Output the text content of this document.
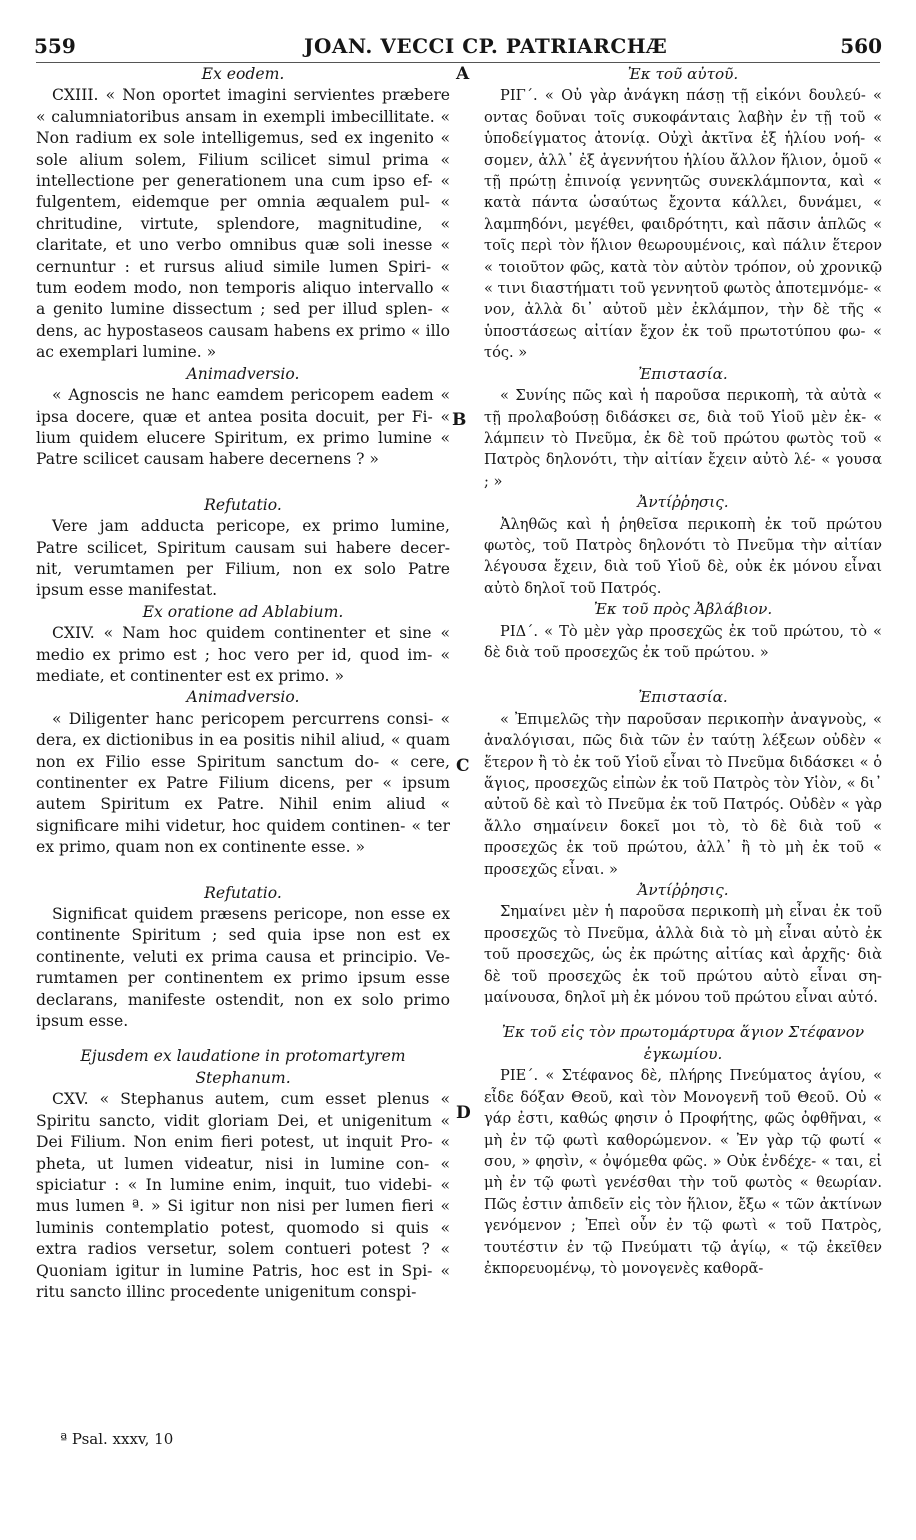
559	JOAN. VECCI CP. PATRIARCHÆ	560
A
B
C
D

Ex eodem.

CXIII. « Non oportet imagini servientes præbere « calumniatoribus ansam in exempli imbecillitate. « Non radium ex sole intelligemus, sed ex ingenito « sole alium solem, Filium scilicet simul prima « intellectione per generationem una cum ipso ef- « fulgentem, eidemque per omnia æqualem pul- « chritudine, virtute, splendore, magnitudine, « claritate, et uno verbo omnibus quæ soli inesse « cernuntur : et rursus aliud simile lumen Spiri- « tum eodem modo, non temporis aliquo intervallo « a genito lumine dissectum ; sed per illud splen- « dens, ac hypostaseos causam habens ex primo « illo ac exemplari lumine. »

Animadversio.

« Agnoscis ne hanc eamdem pericopem eadem « ipsa docere, quæ et antea posita docuit, per Fi- « lium quidem elucere Spiritum, ex primo lumine « Patre scilicet causam habere decernens ? »

Refutatio.

Vere jam adducta pericope, ex primo lumine, Patre scilicet, Spiritum causam sui habere decer- nit, verumtamen per Filium, non ex solo Patre ipsum esse manifestat.

Ex oratione ad Ablabium.

CXIV. « Nam hoc quidem continenter et sine « medio ex primo est ; hoc vero per id, quod im- « mediate, et continenter est ex primo. »

Animadversio.

« Diligenter hanc pericopem percurrens consi- « dera, ex dictionibus in ea positis nihil aliud, « quam non ex Filio esse Spiritum sanctum do- « cere, continenter ex Patre Filium dicens, per « ipsum autem Spiritum ex Patre. Nihil enim aliud « significare mihi videtur, hoc quidem continen- « ter ex primo, quam non ex continente esse. »

Refutatio.

Significat quidem præsens pericope, non esse ex continente Spiritum ; sed quia ipse non est ex continente, veluti ex prima causa et principio. Ve- rumtamen per continentem ex primo ipsum esse declarans, manifeste ostendit, non ex solo primo ipsum esse.

Ejusdem ex laudatione in protomartyrem Stephanum.

CXV. « Stephanus autem, cum esset plenus « Spiritu sancto, vidit gloriam Dei, et unigenitum « Dei Filium. Non enim fieri potest, ut inquit Pro- « pheta, ut lumen videatur, nisi in lumine con- « spiciatur : « In lumine enim, inquit, tuo videbi- « mus lumen ª. » Si igitur non nisi per lumen fieri « luminis contemplatio potest, quomodo si quis « extra radios versetur, solem contueri potest ? « Quoniam igitur in lumine Patris, hoc est in Spi- « ritu sancto illinc procedente unigenitum conspi-

Ἐκ τοῦ αὐτοῦ.

ΡΙΓ΄. « Οὐ γὰρ ἀνάγκη πάσῃ τῇ εἰκόνι δουλεύ- « οντας δοῦναι τοῖς συκοφάνταις λαβὴν ἐν τῇ τοῦ « ὑποδείγματος ἀτονίᾳ. Οὐχὶ ἀκτῖνα ἐξ ἡλίου νοή- « σομεν, ἀλλ᾽ ἐξ ἀγεννήτου ἡλίου ἄλλον ἥλιον, ὁμοῦ « τῇ πρώτῃ ἐπινοίᾳ γεννητῶς συνεκλάμποντα, καὶ « κατὰ πάντα ὡσαύτως ἔχοντα κάλλει, δυνάμει, « λαμπηδόνι, μεγέθει, φαιδρότητι, καὶ πᾶσιν ἁπλῶς « τοῖς περὶ τὸν ἥλιον θεωρουμένοις, καὶ πάλιν ἕτερον « τοιοῦτον φῶς, κατὰ τὸν αὐτὸν τρόπον, οὐ χρονικῷ « τινι διαστήματι τοῦ γεννητοῦ φωτὸς ἀποτεμνόμε- « νον, ἀλλὰ δι᾽ αὐτοῦ μὲν ἐκλάμπον, τὴν δὲ τῆς « ὑποστάσεως αἰτίαν ἔχον ἐκ τοῦ πρωτοτύπου φω- « τός. »

Ἐπιστασία.

« Συνίης πῶς καὶ ἡ παροῦσα περικοπὴ, τὰ αὐτὰ « τῇ προλαβούσῃ διδάσκει σε, διὰ τοῦ Υἱοῦ μὲν ἐκ- « λάμπειν τὸ Πνεῦμα, ἐκ δὲ τοῦ πρώτου φωτὸς τοῦ « Πατρὸς δηλονότι, τὴν αἰτίαν ἔχειν αὐτὸ λέ- « γουσα ; »

Ἀντίῤῥησις.

Ἀληθῶς καὶ ἡ ῥηθεῖσα περικοπὴ ἐκ τοῦ πρώτου φωτὸς, τοῦ Πατρὸς δηλονότι τὸ Πνεῦμα τὴν αἰτίαν λέγουσα ἔχειν, διὰ τοῦ Υἱοῦ δὲ, οὐκ ἐκ μόνου εἶναι αὐτὸ δηλοῖ τοῦ Πατρός.

Ἐκ τοῦ πρὸς Ἀβλάβιον.

ΡΙΔ΄. « Τὸ μὲν γὰρ προσεχῶς ἐκ τοῦ πρώτου, τὸ « δὲ διὰ τοῦ προσεχῶς ἐκ τοῦ πρώτου. »

Ἐπιστασία.

« Ἐπιμελῶς τὴν παροῦσαν περικοπὴν ἀναγνοὺς, « ἀναλόγισαι, πῶς διὰ τῶν ἐν ταύτῃ λέξεων οὐδὲν « ἕτερον ἢ τὸ ἐκ τοῦ Υἱοῦ εἶναι τὸ Πνεῦμα διδάσκει « ὁ ἅγιος, προσεχῶς εἰπὼν ἐκ τοῦ Πατρὸς τὸν Υἱὸν, « δι᾽ αὐτοῦ δὲ καὶ τὸ Πνεῦμα ἐκ τοῦ Πατρός. Οὐδὲν « γὰρ ἄλλο σημαίνειν δοκεῖ μοι τὸ, τὸ δὲ διὰ τοῦ « προσεχῶς ἐκ τοῦ πρώτου, ἀλλ᾽ ἢ τὸ μὴ ἐκ τοῦ « προσεχῶς εἶναι. »

Ἀντίῤῥησις.

Σημαίνει μὲν ἡ παροῦσα περικοπὴ μὴ εἶναι ἐκ τοῦ προσεχῶς τὸ Πνεῦμα, ἀλλὰ διὰ τὸ μὴ εἶναι αὐτὸ ἐκ τοῦ προσεχῶς, ὡς ἐκ πρώτης αἰτίας καὶ ἀρχῆς· διὰ δὲ τοῦ προσεχῶς ἐκ τοῦ πρώτου αὐτὸ εἶναι ση- μαίνουσα, δηλοῖ μὴ ἐκ μόνου τοῦ πρώτου εἶναι αὐτό.

Ἐκ τοῦ εἰς τὸν πρωτομάρτυρα ἅγιον Στέφανον ἐγκωμίου.

ΡΙΕ΄. « Στέφανος δὲ, πλήρης Πνεύματος ἁγίου, « εἶδε δόξαν Θεοῦ, καὶ τὸν Μονογενῆ τοῦ Θεοῦ. Οὐ « γάρ ἐστι, καθώς φησιν ὁ Προφήτης, φῶς ὀφθῆναι, « μὴ ἐν τῷ φωτὶ καθορώμενον. « Ἐν γὰρ τῷ φωτί « σου, » φησὶν, « ὀψόμεθα φῶς. » Οὐκ ἐνδέχε- « ται, εἰ μὴ ἐν τῷ φωτὶ γενέσθαι τὴν τοῦ φωτὸς « θεωρίαν. Πῶς ἐστιν ἀπιδεῖν εἰς τὸν ἥλιον, ἔξω « τῶν ἀκτίνων γενόμενον ; Ἐπεὶ οὖν ἐν τῷ φωτὶ « τοῦ Πατρὸς, τουτέστιν ἐν τῷ Πνεύματι τῷ ἁγίῳ, « τῷ ἐκεῖθεν ἐκπορευομένῳ, τὸ μονογενὲς καθορᾶ-

ª Psal. xxxv, 10
